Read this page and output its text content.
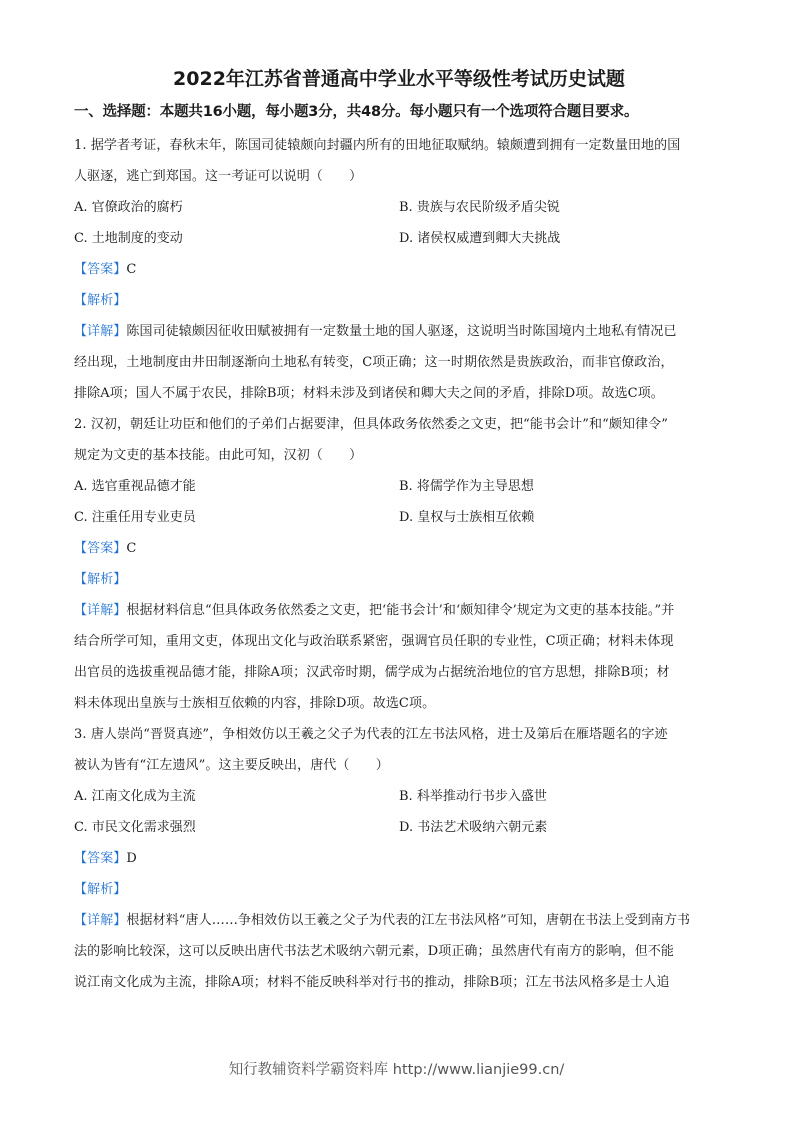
2022年江苏省普通高中学业水平等级性考试历史试题
一、选择题：本题共16小题，每小题3分，共48分。每小题只有一个选项符合题目要求。

1. 据学者考证，春秋末年，陈国司徒辕颇向封疆内所有的田地征取赋纳。辕颇遭到拥有一定数量田地的国

人驱逐，逃亡到郑国。这一考证可以说明（　　）

A. 官僚政治的腐朽	B. 贵族与农民阶级矛盾尖锐
C. 土地制度的变动	D. 诸侯权威遭到卿大夫挑战

【答案】C

【解析】

【详解】陈国司徒辕颇因征收田赋被拥有一定数量土地的国人驱逐，这说明当时陈国境内土地私有情况已

经出现，土地制度由井田制逐渐向土地私有转变，C项正确；这一时期依然是贵族政治，而非官僚政治，

排除A项；国人不属于农民，排除B项；材料未涉及到诸侯和卿大夫之间的矛盾，排除D项。故选C项。

2. 汉初，朝廷让功臣和他们的子弟们占据要津，但具体政务依然委之文吏，把“能书会计”和“颇知律令”

规定为文吏的基本技能。由此可知，汉初（　　）

A. 选官重视品德才能	B. 将儒学作为主导思想
C. 注重任用专业吏员	D. 皇权与士族相互依赖

【答案】C

【解析】

【详解】根据材料信息“但具体政务依然委之文吏，把‘能书会计’和‘颇知律令’规定为文吏的基本技能。”并

结合所学可知，重用文吏，体现出文化与政治联系紧密，强调官员任职的专业性，C项正确；材料未体现

出官员的选拔重视品德才能，排除A项；汉武帝时期，儒学成为占据统治地位的官方思想，排除B项；材

料未体现出皇族与士族相互依赖的内容，排除D项。故选C项。

3. 唐人崇尚“晋贤真迹”，争相效仿以王羲之父子为代表的江左书法风格，进士及第后在雁塔题名的字迹

被认为皆有“江左遗风”。这主要反映出，唐代（　　）

A. 江南文化成为主流	B. 科举推动行书步入盛世
C. 市民文化需求强烈	D. 书法艺术吸纳六朝元素

【答案】D

【解析】

【详解】根据材料“唐人……争相效仿以王羲之父子为代表的江左书法风格”可知，唐朝在书法上受到南方书

法的影响比较深，这可以反映出唐代书法艺术吸纳六朝元素，D项正确；虽然唐代有南方的影响，但不能

说江南文化成为主流，排除A项；材料不能反映科举对行书的推动，排除B项；江左书法风格多是士人追

知行教辅资料学霸资料库 http://www.lianjie99.cn/
